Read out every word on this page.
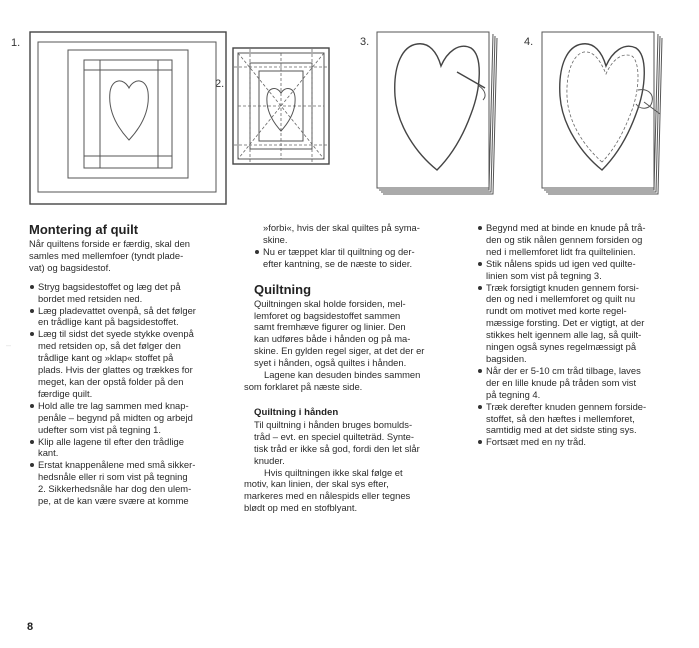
1.
2.
3.	4.
Montering af quilt

Når quiltens forside er færdig, skal den
samles med mellemfoer (tyndt plade-
vat) og bagsidestof.

Stryg bagsidestoffet og læg det på
bordet med retsiden ned.
Læg pladevattet ovenpå, så det følger
en trådlige kant på bagsidestoffet.
Læg til sidst det syede stykke ovenpå
med retsiden op, så det følger den
trådlige kant og »klap« stoffet på
plads. Hvis der glattes og trækkes for
meget, kan der opstå folder på den
færdige quilt.
Hold alle tre lag sammen med knap-
penåle – begynd på midten og arbejd
udefter som vist på tegning 1.
Klip alle lagene til efter den trådlige
kant.
Erstat knappenålene med små sikker-
hedsnåle eller ri som vist på tegning
2. Sikkerhedsnåle har dog den ulem-
pe, at de kan være svære at komme

»forbi«, hvis der skal quiltes på syma-
skine.

Nu er tæppet klar til quiltning og der-
efter kantning, se de næste to sider.
Quiltning

Quiltningen skal holde forsiden, mel-
lemforet og bagsidestoffet sammen
samt fremhæve figurer og linier. Den
kan udføres både i hånden og på ma-
skine. En gylden regel siger, at det der er
syet i hånden, også quiltes i hånden.

Lagene kan desuden bindes sammen
som forklaret på næste side.

Quiltning i hånden

Til quiltning i hånden bruges bomulds-
tråd – evt. en speciel quilteträd. Synte-
tisk tråd er ikke så god, fordi den let slår
knuder.

Hvis quiltningen ikke skal følge et
motiv, kan linien, der skal sys efter,
markeres med en nålespids eller tegnes
blødt op med en stofblyant.

Begynd med at binde en knude på trå-
den og stik nålen gennem forsiden og
ned i mellemforet lidt fra quiltelinien.
Stik nålens spids ud igen ved quilte-
linien som vist på tegning 3.
Træk forsigtigt knuden gennem forsi-
den og ned i mellemforet og quilt nu
rundt om motivet med korte regel-
mæssige forsting. Det er vigtigt, at der
stikkes helt igennem alle lag, så quilt-
ningen også synes regelmæssigt på
bagsiden.
Når der er 5-10 cm tråd tilbage, laves
der en lille knude på tråden som vist
på tegning 4.
Træk derefter knuden gennem forside-
stoffet, så den hæftes i mellemforet,
samtidig med at det sidste sting sys.
Fortsæt med en ny tråd.
–
8
